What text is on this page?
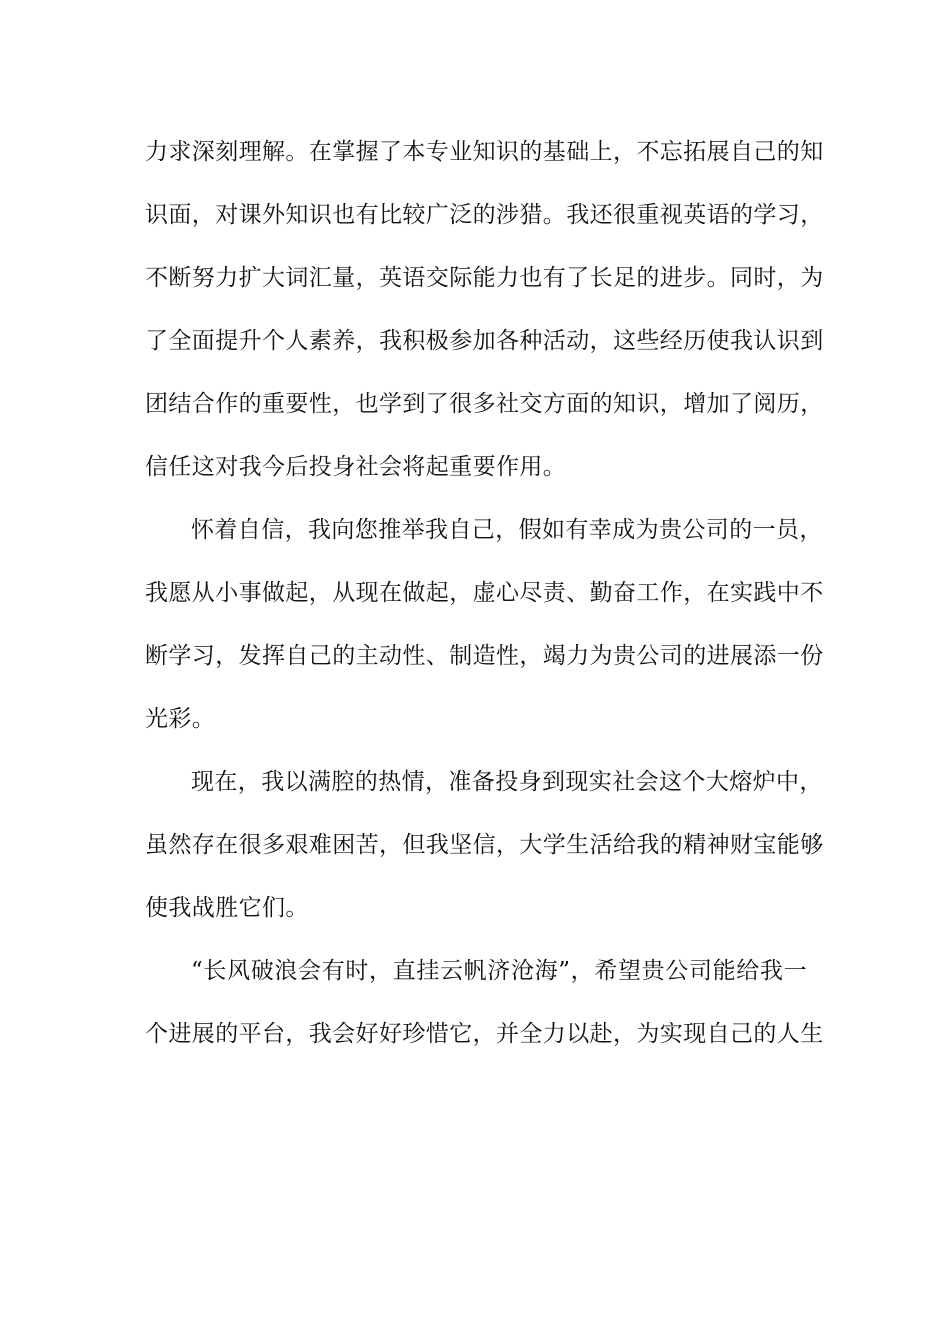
力求深刻理解。在掌握了本专业知识的基础上，不忘拓展自己的知
识面，对课外知识也有比较广泛的涉猎。我还很重视英语的学习，
不断努力扩大词汇量，英语交际能力也有了长足的进步。同时，为
了全面提升个人素养，我积极参加各种活动，这些经历使我认识到
团结合作的重要性，也学到了很多社交方面的知识，增加了阅历，
信任这对我今后投身社会将起重要作用。
怀着自信，我向您推举我自己，假如有幸成为贵公司的一员，
我愿从小事做起，从现在做起，虚心尽责、勤奋工作，在实践中不
断学习，发挥自己的主动性、制造性，竭力为贵公司的进展添一份
光彩。
现在，我以满腔的热情，准备投身到现实社会这个大熔炉中，
虽然存在很多艰难困苦，但我坚信，大学生活给我的精神财宝能够
使我战胜它们。
“长风破浪会有时，直挂云帆济沧海”，希望贵公司能给我一
个进展的平台，我会好好珍惜它，并全力以赴，为实现自己的人生
